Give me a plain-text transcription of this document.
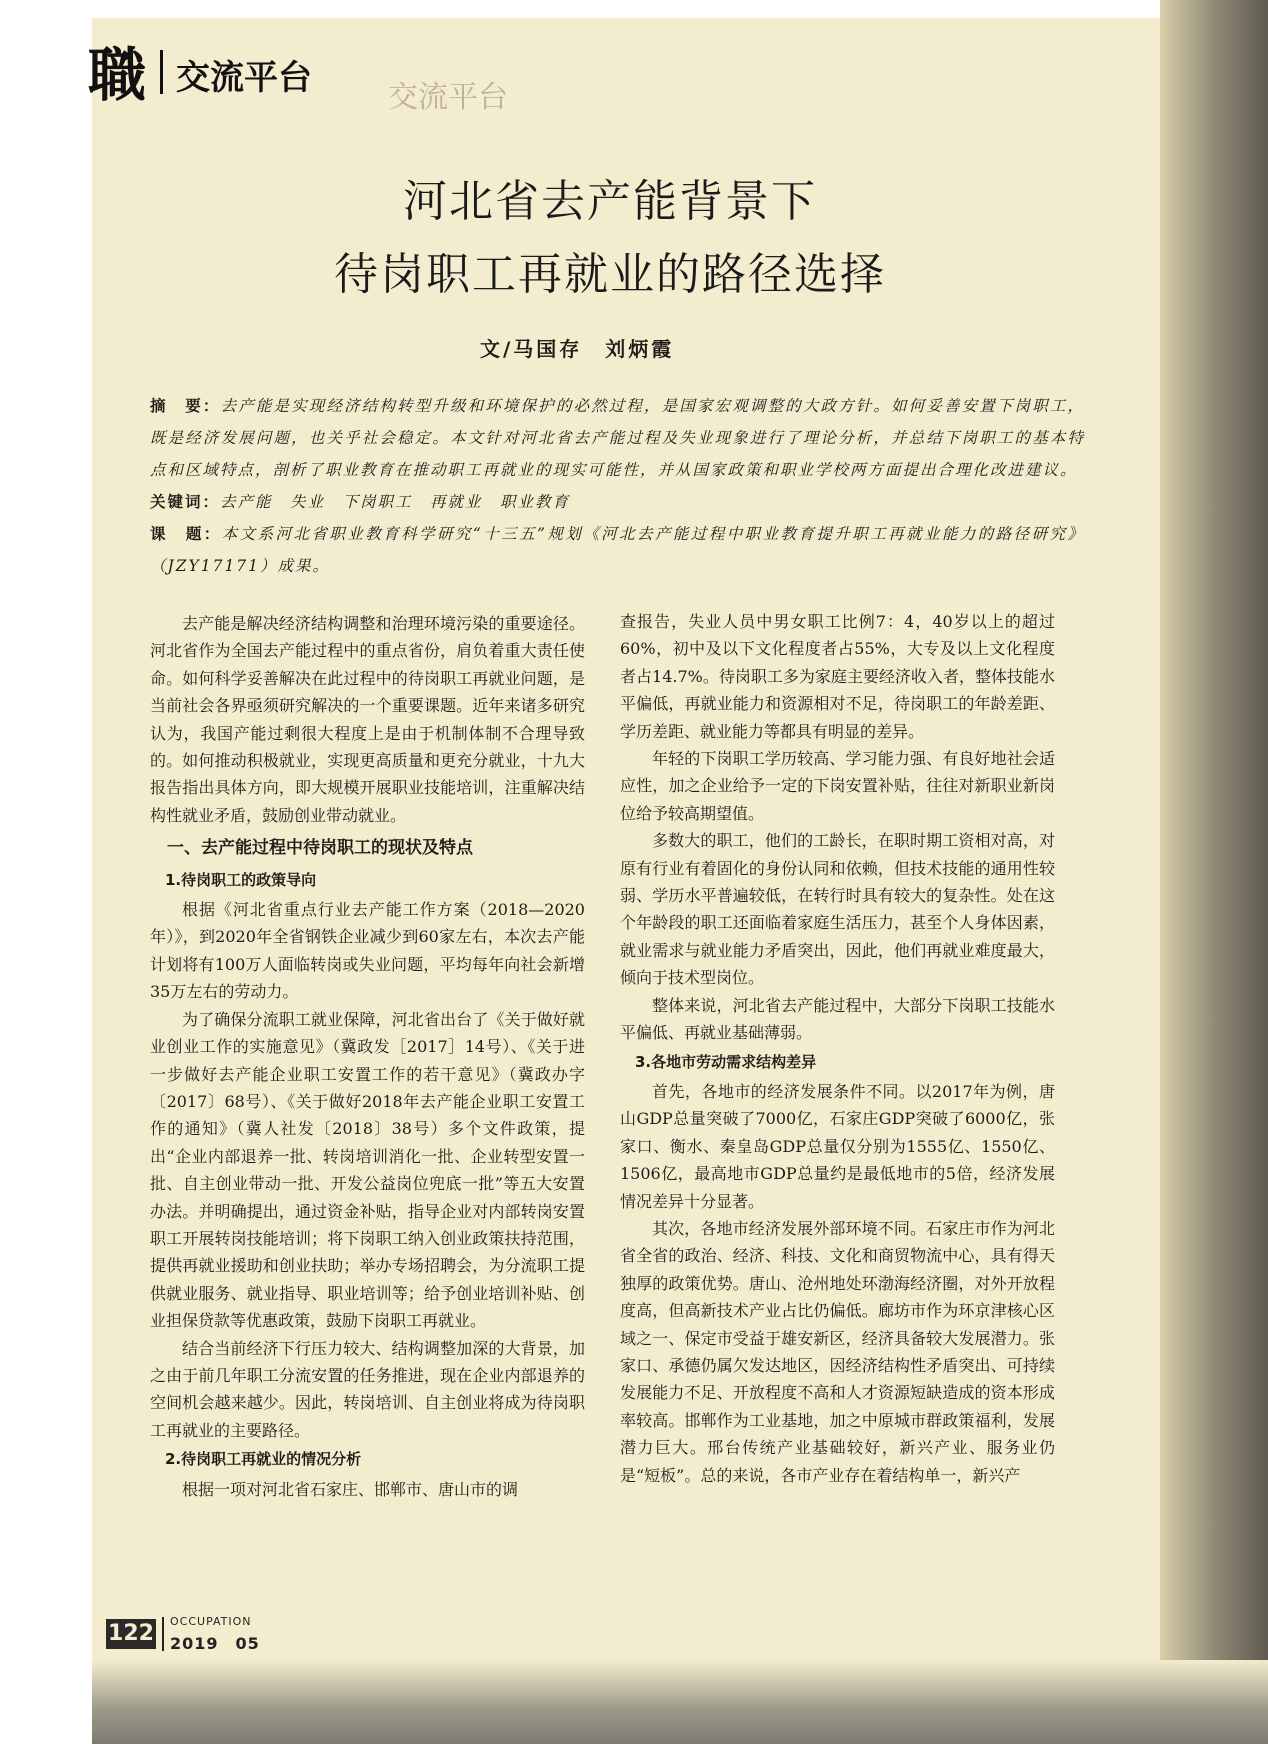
職 交流平台	交流平台
河北省去产能背景下
待岗职工再就业的路径选择
文/马国存　刘炳霞

摘　要：去产能是实现经济结构转型升级和环境保护的必然过程，是国家宏观调整的大政方针。如何妥善安置下岗职工，既是经济发展问题，也关乎社会稳定。本文针对河北省去产能过程及失业现象进行了理论分析，并总结下岗职工的基本特点和区域特点，剖析了职业教育在推动职工再就业的现实可能性，并从国家政策和职业学校两方面提出合理化改进建议。

关键词：去产能　失业　下岗职工　再就业　职业教育

课　题：本文系河北省职业教育科学研究“十三五”规划《河北去产能过程中职业教育提升职工再就业能力的路径研究》（JZY17171）成果。

去产能是解决经济结构调整和治理环境污染的重要途径。河北省作为全国去产能过程中的重点省份，肩负着重大责任使命。如何科学妥善解决在此过程中的待岗职工再就业问题，是当前社会各界亟须研究解决的一个重要课题。近年来诸多研究认为，我国产能过剩很大程度上是由于机制体制不合理导致的。如何推动积极就业，实现更高质量和更充分就业，十九大报告指出具体方向，即大规模开展职业技能培训，注重解决结构性就业矛盾，鼓励创业带动就业。

一、去产能过程中待岗职工的现状及特点
1.待岗职工的政策导向

根据《河北省重点行业去产能工作方案（2018—2020年）》，到2020年全省钢铁企业减少到60家左右，本次去产能计划将有100万人面临转岗或失业问题，平均每年向社会新增35万左右的劳动力。

为了确保分流职工就业保障，河北省出台了《关于做好就业创业工作的实施意见》（冀政发［2017］14号）、《关于进一步做好去产能企业职工安置工作的若干意见》（冀政办字〔2017〕68号）、《关于做好2018年去产能企业职工安置工作的通知》（冀人社发〔2018〕38号）多个文件政策，提出“企业内部退养一批、转岗培训消化一批、企业转型安置一批、自主创业带动一批、开发公益岗位兜底一批”等五大安置办法。并明确提出，通过资金补贴，指导企业对内部转岗安置职工开展转岗技能培训；将下岗职工纳入创业政策扶持范围，提供再就业援助和创业扶助；举办专场招聘会，为分流职工提供就业服务、就业指导、职业培训等；给予创业培训补贴、创业担保贷款等优惠政策，鼓励下岗职工再就业。

结合当前经济下行压力较大、结构调整加深的大背景，加之由于前几年职工分流安置的任务推进，现在企业内部退养的空间机会越来越少。因此，转岗培训、自主创业将成为待岗职工再就业的主要路径。

2.待岗职工再就业的情况分析

根据一项对河北省石家庄、邯郸市、唐山市的调

查报告，失业人员中男女职工比例7：4，40岁以上的超过60%，初中及以下文化程度者占55%，大专及以上文化程度者占14.7%。待岗职工多为家庭主要经济收入者，整体技能水平偏低，再就业能力和资源相对不足，待岗职工的年龄差距、学历差距、就业能力等都具有明显的差异。

年轻的下岗职工学历较高、学习能力强、有良好地社会适应性，加之企业给予一定的下岗安置补贴，往往对新职业新岗位给予较高期望值。

多数大的职工，他们的工龄长，在职时期工资相对高，对原有行业有着固化的身份认同和依赖，但技术技能的通用性较弱、学历水平普遍较低，在转行时具有较大的复杂性。处在这个年龄段的职工还面临着家庭生活压力，甚至个人身体因素，就业需求与就业能力矛盾突出，因此，他们再就业难度最大，倾向于技术型岗位。

整体来说，河北省去产能过程中，大部分下岗职工技能水平偏低、再就业基础薄弱。

3.各地市劳动需求结构差异

首先，各地市的经济发展条件不同。以2017年为例，唐山GDP总量突破了7000亿，石家庄GDP突破了6000亿，张家口、衡水、秦皇岛GDP总量仅分别为1555亿、1550亿、1506亿，最高地市GDP总量约是最低地市的5倍，经济发展情况差异十分显著。

其次，各地市经济发展外部环境不同。石家庄市作为河北省全省的政治、经济、科技、文化和商贸物流中心，具有得天独厚的政策优势。唐山、沧州地处环渤海经济圈，对外开放程度高，但高新技术产业占比仍偏低。廊坊市作为环京津核心区域之一、保定市受益于雄安新区，经济具备较大发展潜力。张家口、承德仍属欠发达地区，因经济结构性矛盾突出、可持续发展能力不足、开放程度不高和人才资源短缺造成的资本形成率较高。邯郸作为工业基地，加之中原城市群政策福利，发展潜力巨大。邢台传统产业基础较好，新兴产业、服务业仍是“短板”。总的来说，各市产业存在着结构单一，新兴产

122 OCCUPATION
2019　05
